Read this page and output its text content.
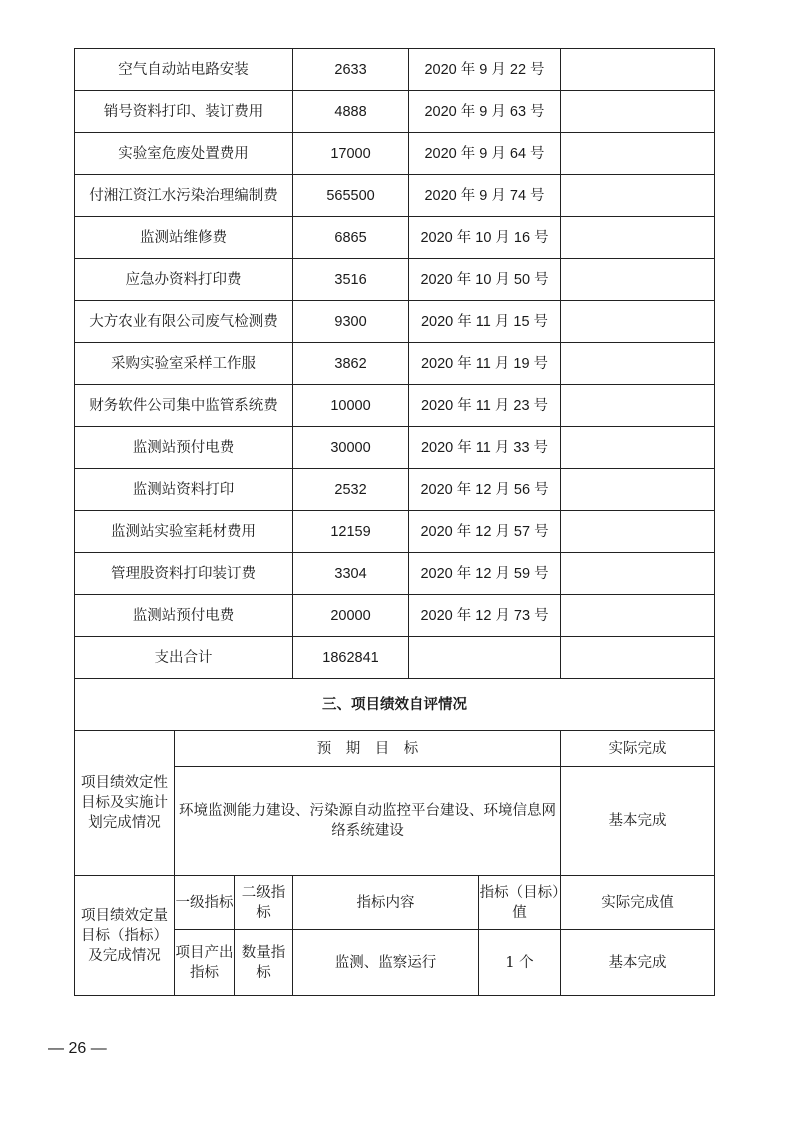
空气自动站电路安装			2633	2020 年 9 月 22 号		
销号资料打印、装订费用			4888	2020 年 9 月 63 号		
实验室危废处置费用			17000	2020 年 9 月 64 号		
付湘江资江水污染治理编制费			565500	2020 年 9 月 74 号		
监测站维修费			6865	2020 年 10 月 16 号		
应急办资料打印费			3516	2020 年 10 月 50 号		
大方农业有限公司废气检测费			9300	2020 年 11 月 15 号		
采购实验室采样工作服			3862	2020 年 11 月 19 号		
财务软件公司集中监管系统费			10000	2020 年 11 月 23 号		
监测站预付电费			30000	2020 年 11 月 33 号		
监测站资料打印			2532	2020 年 12 月 56 号		
监测站实验室耗材费用			12159	2020 年 12 月 57 号		
管理股资料打印装订费			3304	2020 年 12 月 59 号		
监测站预付电费			20000	2020 年 12 月 73 号		
支出合计			1862841			
三、项目绩效自评情况						
项目绩效定性目标及实施计划完成情况	预　期　目　标					实际完成
	环境监测能力建设、污染源自动监控平台建设、环境信息网络系统建设					基本完成
项目绩效定量目标（指标）及完成情况	一级指标	二级指标	指标内容		指标（目标）值	实际完成值
	项目产出指标	数量指标	监测、监察运行		1 个	基本完成
— 26 —
